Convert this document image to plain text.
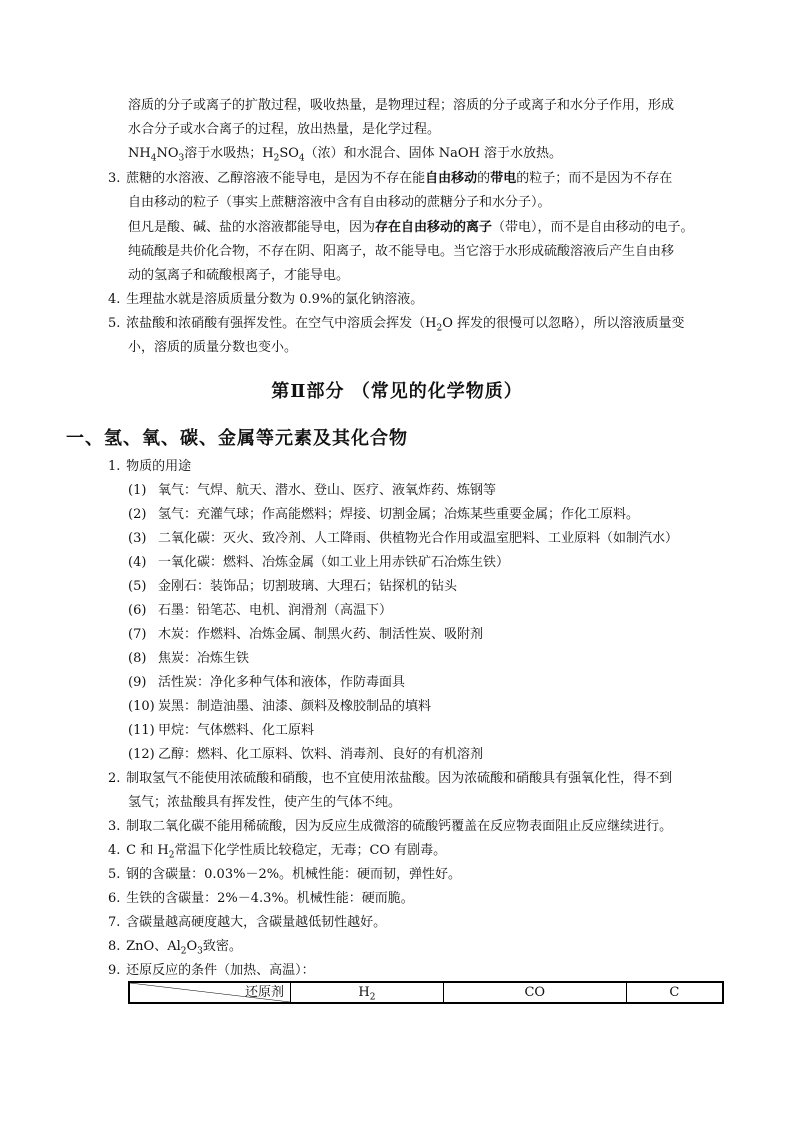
溶质的分子或离子的扩散过程，吸收热量，是物理过程；溶质的分子或离子和水分子作用，形成
水合分子或水合离子的过程，放出热量，是化学过程。
$NH_4NO_3$溶于水吸热；$H_2SO_4$（浓）和水混合、固体 NaOH 溶于水放热。
3. 蔗糖的水溶液、乙醇溶液不能导电，是因为不存在能自由移动的带电的粒子；而不是因为不存在
自由移动的粒子（事实上蔗糖溶液中含有自由移动的蔗糖分子和水分子）。
但凡是酸、碱、盐的水溶液都能导电，因为存在自由移动的离子（带电），而不是自由移动的电子。
纯硫酸是共价化合物，不存在阴、阳离子，故不能导电。当它溶于水形成硫酸溶液后产生自由移
动的氢离子和硫酸根离子，才能导电。
4. 生理盐水就是溶质质量分数为 0.9%的氯化钠溶液。
5. 浓盐酸和浓硝酸有强挥发性。在空气中溶质会挥发（$H_2O$ 挥发的很慢可以忽略），所以溶液质量变
小，溶质的质量分数也变小。
第Ⅱ部分 （常见的化学物质）
一、氢、氧、碳、金属等元素及其化合物
1. 物质的用途
(1) 氧气：气焊、航天、潜水、登山、医疗、液氧炸药、炼钢等
(2) 氢气：充灌气球；作高能燃料；焊接、切割金属；冶炼某些重要金属；作化工原料。
(3) 二氧化碳：灭火、致冷剂、人工降雨、供植物光合作用或温室肥料、工业原料（如制汽水）
(4) 一氧化碳：燃料、冶炼金属（如工业上用赤铁矿石冶炼生铁）
(5) 金刚石：装饰品；切割玻璃、大理石；钻探机的钻头
(6) 石墨：铅笔芯、电机、润滑剂（高温下）
(7) 木炭：作燃料、冶炼金属、制黑火药、制活性炭、吸附剂
(8) 焦炭：冶炼生铁
(9) 活性炭：净化多种气体和液体，作防毒面具
(10) 炭黑：制造油墨、油漆、颜料及橡胶制品的填料
(11) 甲烷：气体燃料、化工原料
(12) 乙醇：燃料、化工原料、饮料、消毒剂、良好的有机溶剂
2. 制取氢气不能使用浓硫酸和硝酸，也不宜使用浓盐酸。因为浓硫酸和硝酸具有强氧化性，得不到
氢气；浓盐酸具有挥发性，使产生的气体不纯。
3. 制取二氧化碳不能用稀硫酸，因为反应生成微溶的硫酸钙覆盖在反应物表面阻止反应继续进行。
4. C 和 $H_2$常温下化学性质比较稳定，无毒；CO 有剧毒。
5. 钢的含碳量：0.03%－2%。机械性能：硬而韧，弹性好。
6. 生铁的含碳量：2%－4.3%。机械性能：硬而脆。
7. 含碳量越高硬度越大，含碳量越低韧性越好。
8. ZnO、$Al_2O_3$致密。
9. 还原反应的条件（加热、高温）：
还原剂	$H_2$	CO	C
